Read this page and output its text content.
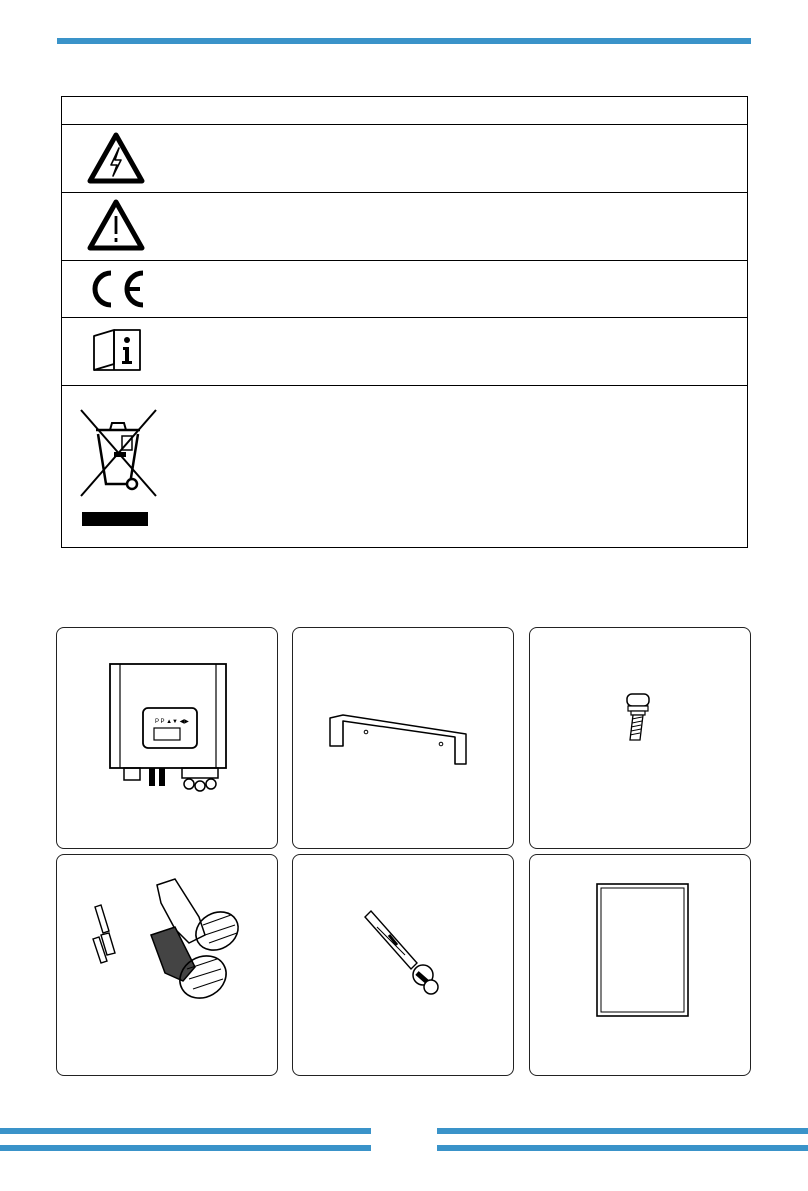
P P ▲▼ ◀▶
